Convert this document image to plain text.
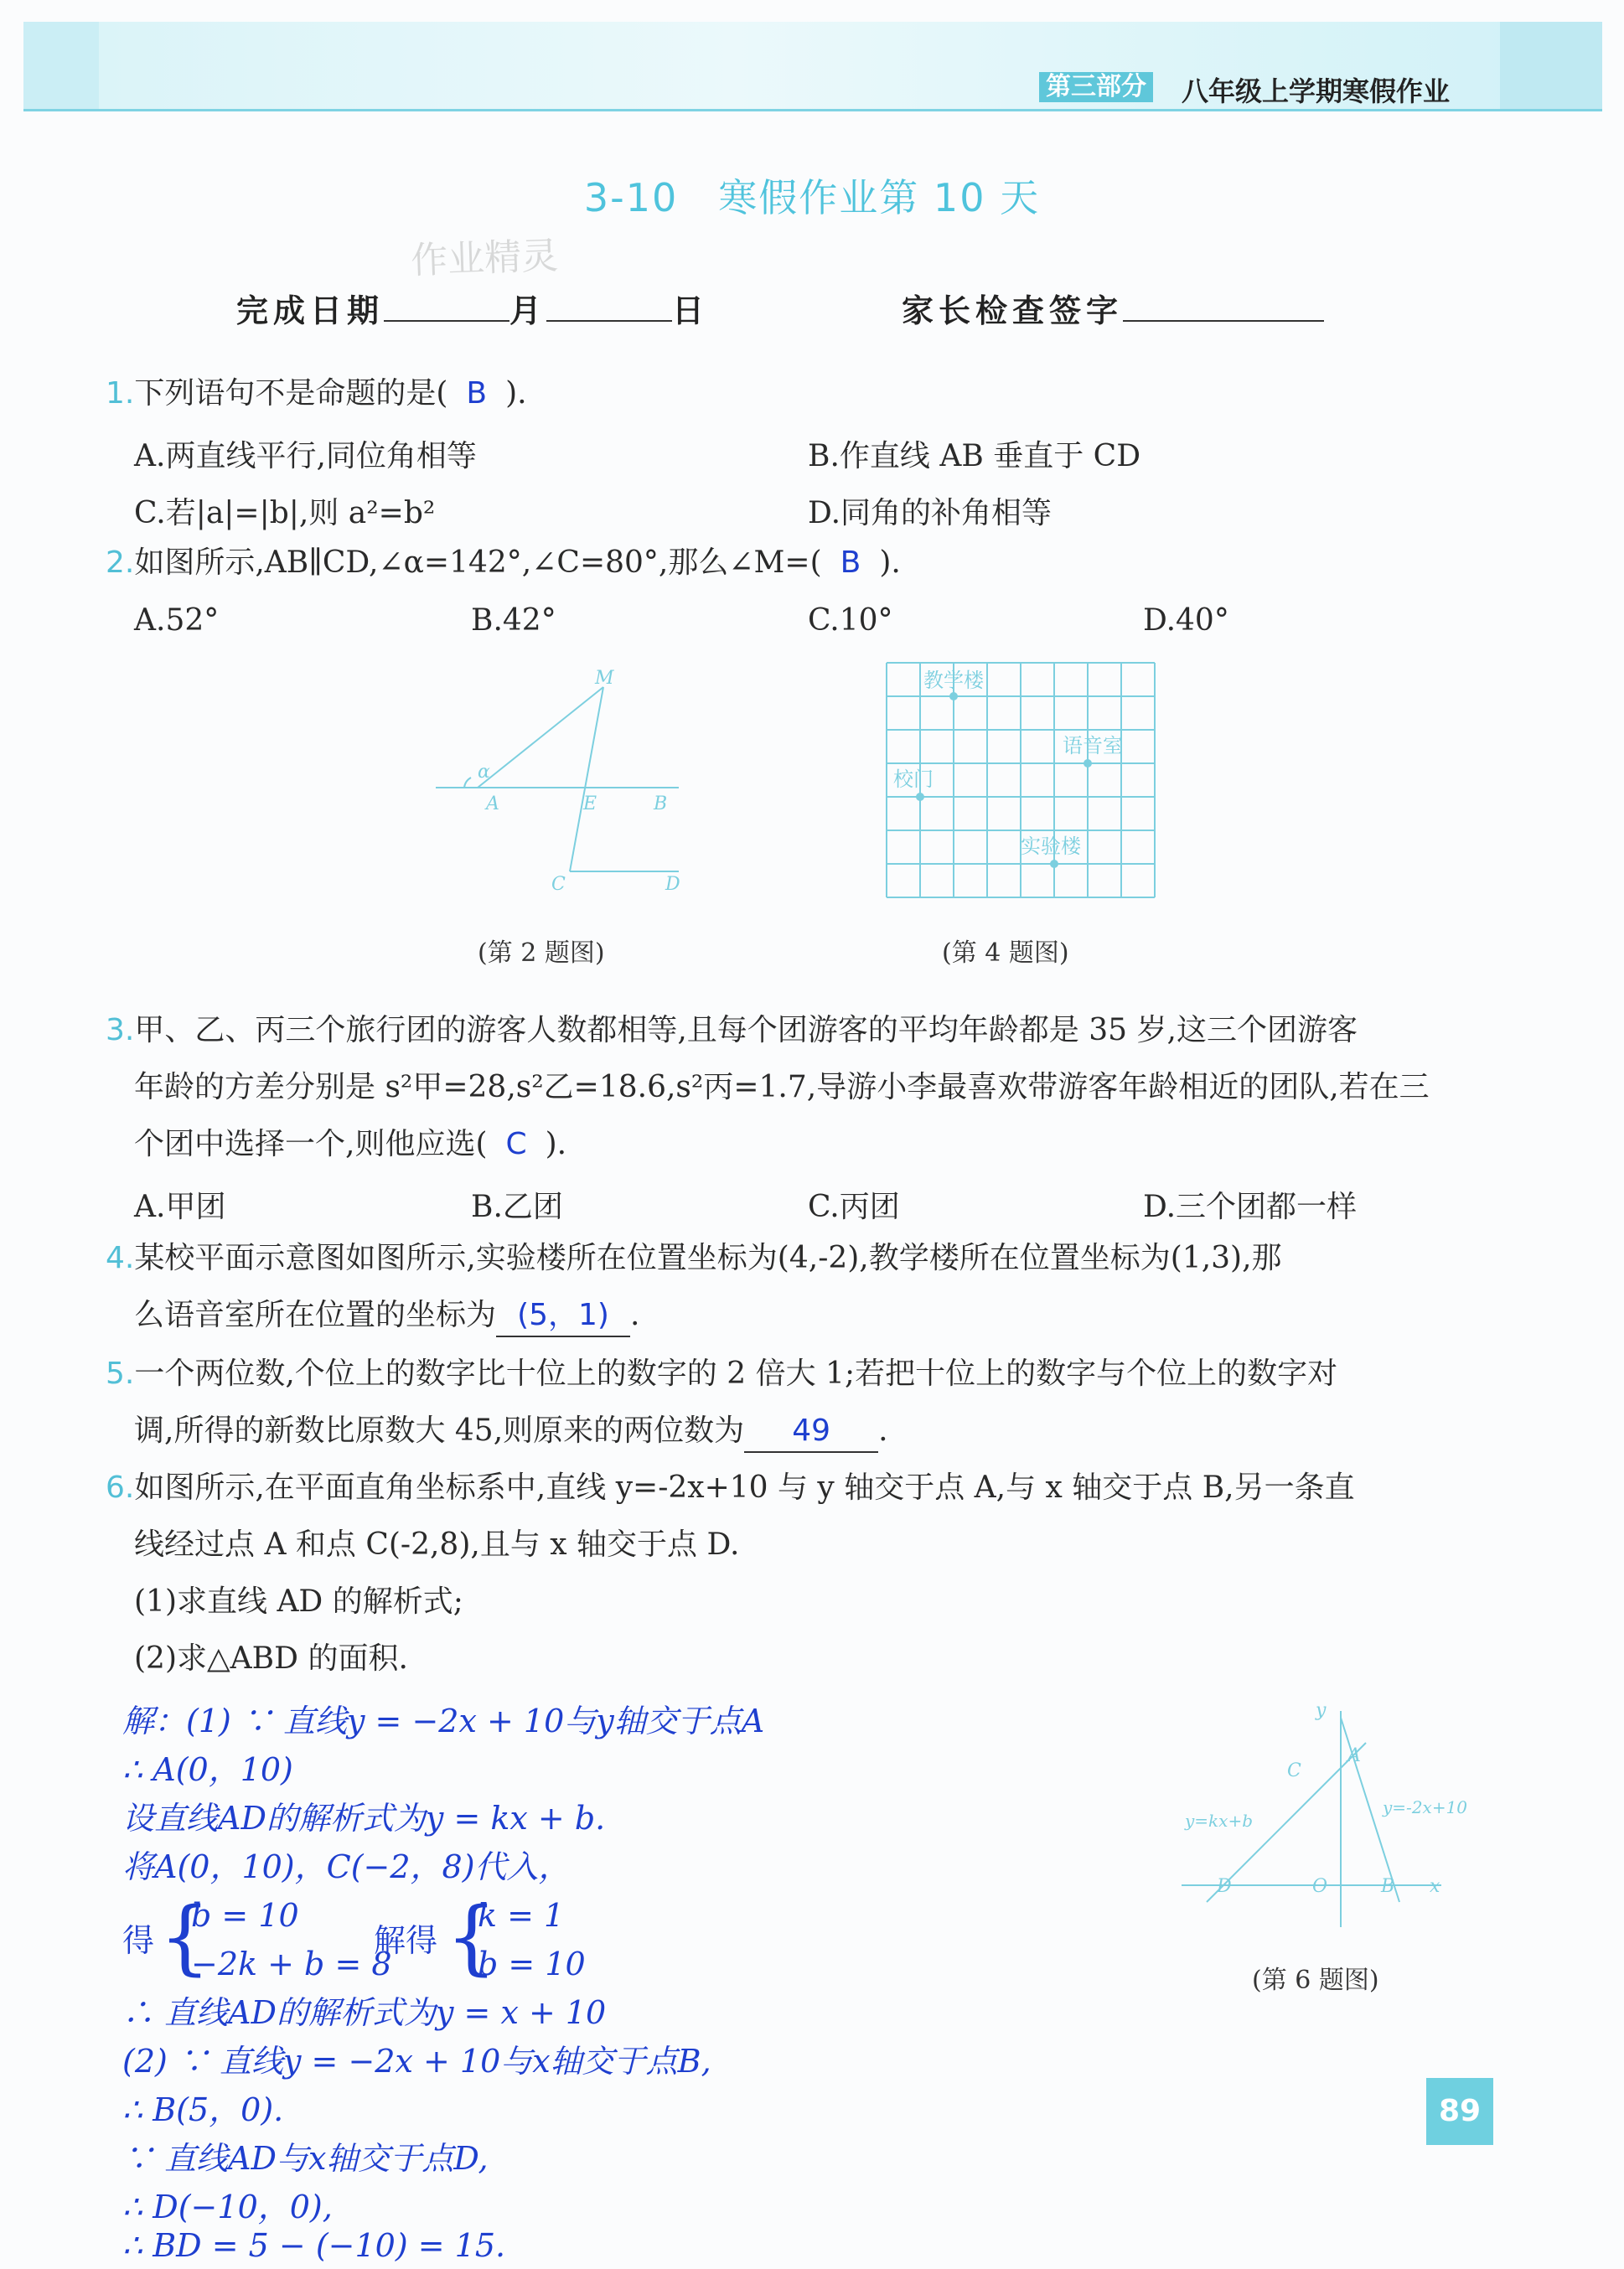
第三部分 八年级上学期寒假作业
3-10　寒假作业第 10 天
作业精灵
完成日期	月	日	家长检查签字
1.下列语句不是命题的是( B ).
A.两直线平行,同位角相等	B.作直线 AB 垂直于 CD
C.若|a|=|b|,则 a²=b²	D.同角的补角相等
2.如图所示,AB∥CD,∠α=142°,∠C=80°,那么∠M=( B ).
A.52°	B.42°	C.10°	D.40°
M
α
A	E	B
C	D
(第 2 题图)
教学楼
语音室
校门
实验楼
(第 4 题图)
3.甲、乙、丙三个旅行团的游客人数都相等,且每个团游客的平均年龄都是 35 岁,这三个团游客
年龄的方差分别是 s²甲=28,s²乙=18.6,s²丙=1.7,导游小李最喜欢带游客年龄相近的团队,若在三
个团中选择一个,则他应选( C ).
A.甲团	B.乙团	C.丙团	D.三个团都一样
4.某校平面示意图如图所示,实验楼所在位置坐标为(4,-2),教学楼所在位置坐标为(1,3),那
么语音室所在位置的坐标为 (5，1) .
5.一个两位数,个位上的数字比十位上的数字的 2 倍大 1;若把十位上的数字与个位上的数字对
调,所得的新数比原数大 45,则原来的两位数为 49 .
6.如图所示,在平面直角坐标系中,直线 y=-2x+10 与 y 轴交于点 A,与 x 轴交于点 B,另一条直
线经过点 A 和点 C(-2,8),且与 x 轴交于点 D.
(1)求直线 AD 的解析式;
(2)求△ABD 的面积.
y
A
C
y=kx+b
y=-2x+10
D	O	B x
(第 6 题图)
解：(1) ∵ 直线y = −2x + 10与y轴交于点A
∴ A(0，10)
设直线AD的解析式为y = kx + b.
将A(0，10)，C(−2，8)代入，
得 {
b = 10
−2k + b = 8
解得 {
k = 1
b = 10
∴ 直线AD的解析式为y = x + 10
(2) ∵ 直线y = −2x + 10与x轴交于点B,
∴ B(5，0).
∵ 直线AD与x轴交于点D,
∴ D(−10，0),
∴ BD = 5 − (−10) = 15.
89
